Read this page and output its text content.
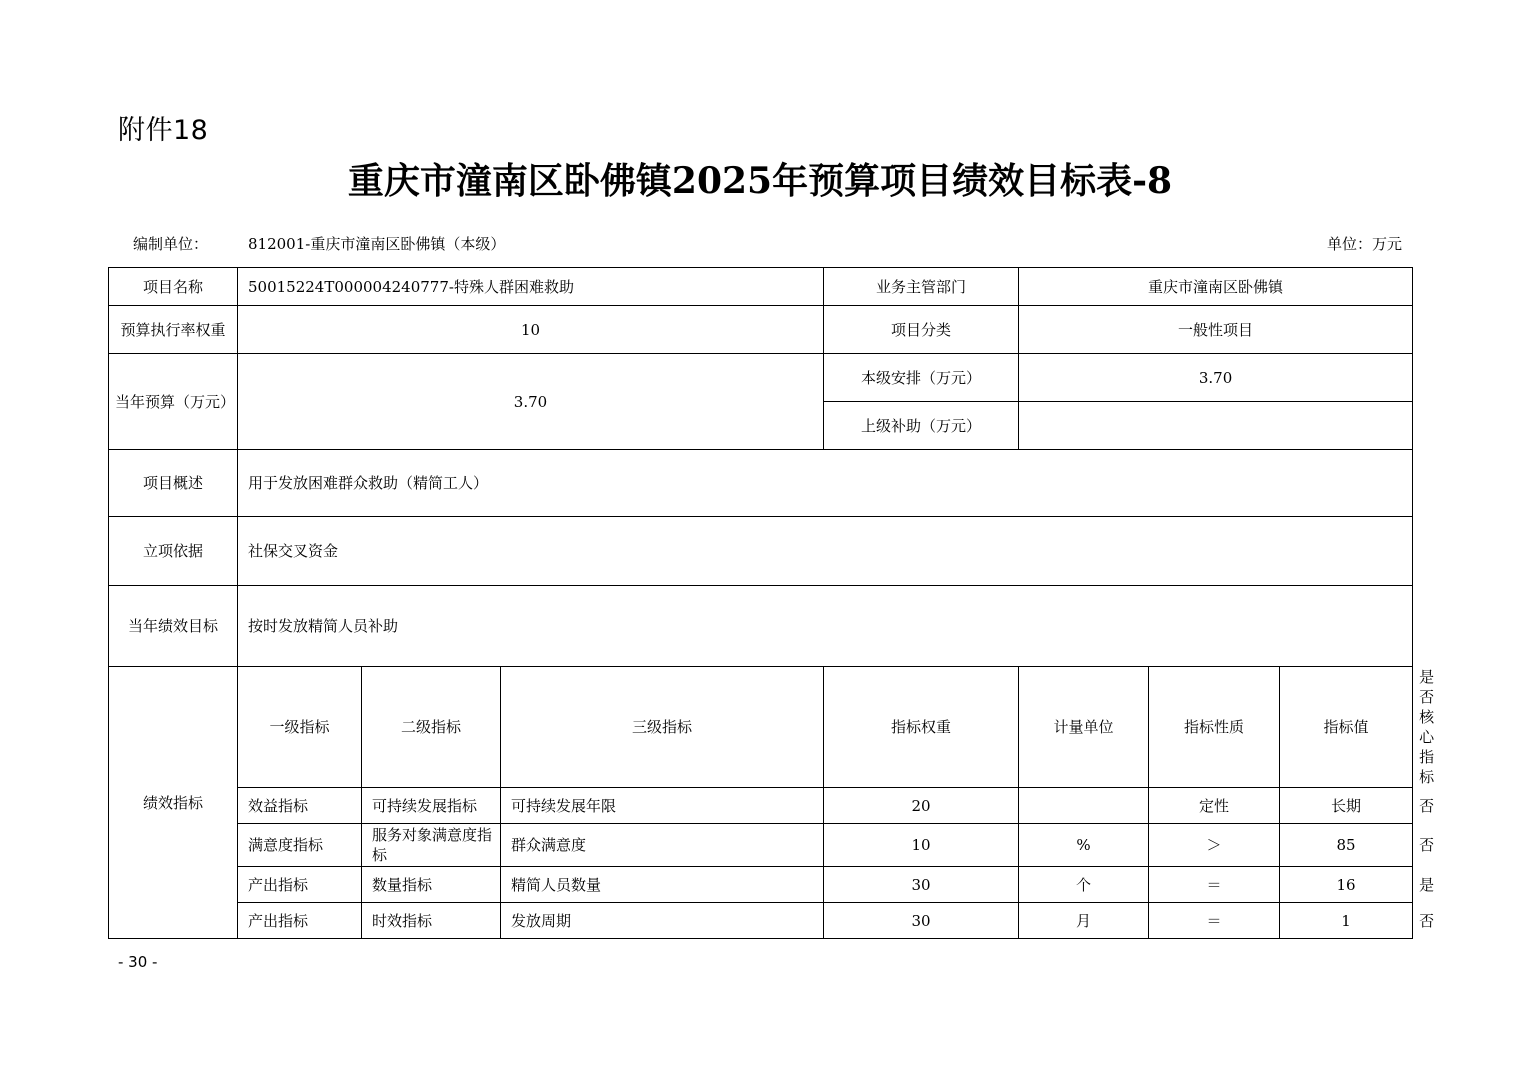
附件18
重庆市潼南区卧佛镇2025年预算项目绩效目标表-8
编制单位：	812001-重庆市潼南区卧佛镇（本级）	单位：万元
项目名称	50015224T000004240777-特殊人群困难救助			业务主管部门	重庆市潼南区卧佛镇			
预算执行率权重	10			项目分类	一般性项目			
当年预算（万元）	3.70			本级安排（万元）	3.70			
				上级补助（万元）				
项目概述	用于发放困难群众救助（精简工人）							
立项依据	社保交叉资金							
当年绩效目标	按时发放精简人员补助							
绩效指标	一级指标	二级指标	三级指标	指标权重	计量单位	指标性质	指标值	是否核心指标
	效益指标	可持续发展指标	可持续发展年限	20		定性	长期	否
	满意度指标	服务对象满意度指标	群众满意度	10	%	＞	85	否
	产出指标	数量指标	精简人员数量	30	个	＝	16	是
	产出指标	时效指标	发放周期	30	月	＝	1	否
- 30 -
